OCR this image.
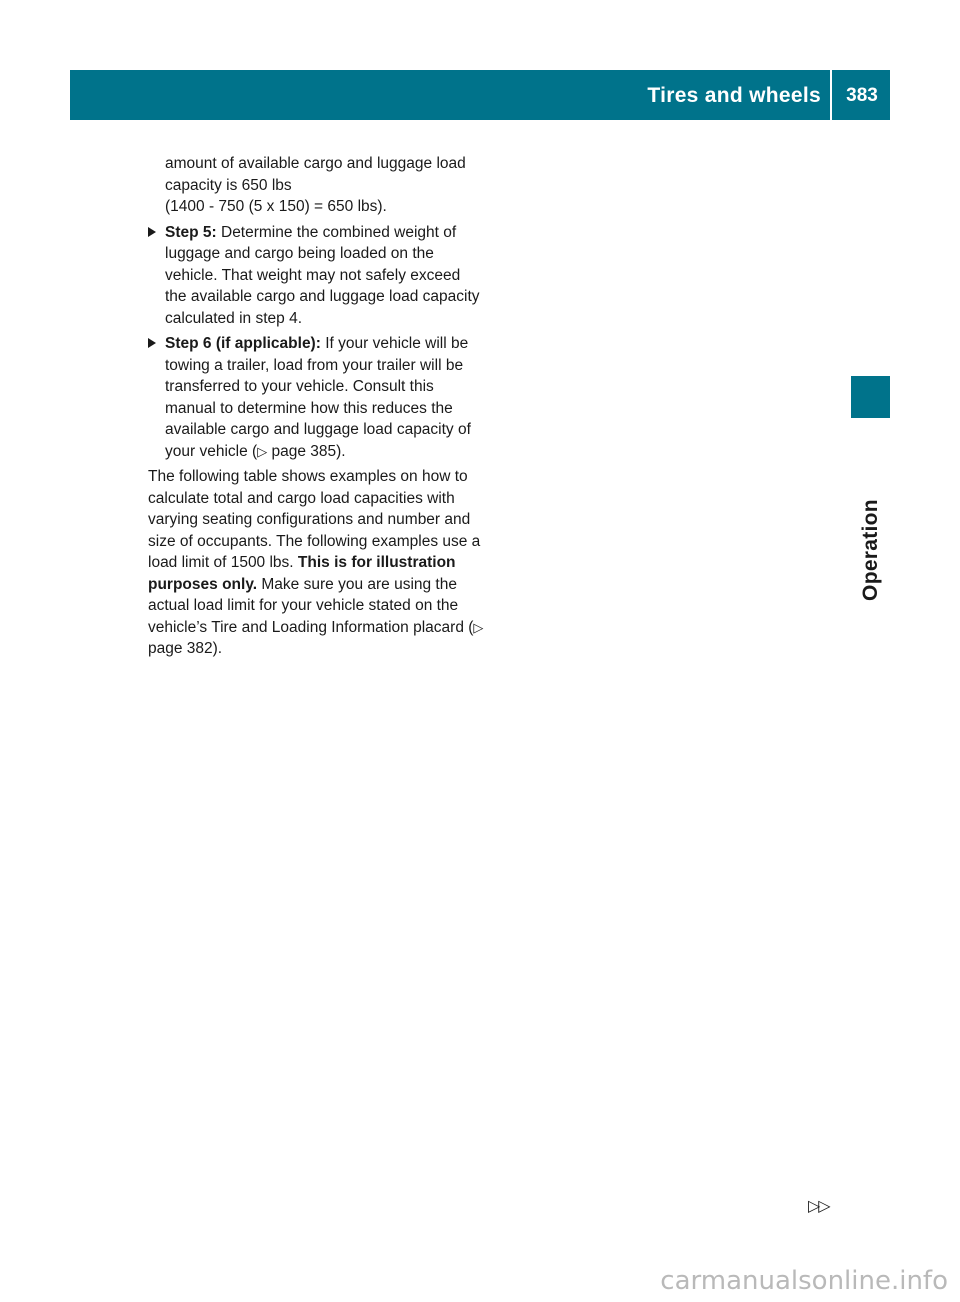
Tires and wheels	383
Operation
amount of available cargo and luggage load
capacity is 650 lbs
(1400 - 750 (5 x 150) = 650 lbs).
Step 5: Determine the combined weight of luggage and cargo being loaded on the vehicle. That weight may not safely exceed the available cargo and luggage load capacity calculated in step 4.
Step 6 (if applicable): If your vehicle will be towing a trailer, load from your trailer will be transferred to your vehicle. Consult this manual to determine how this reduces the available cargo and luggage load capacity of your vehicle (▷ page 385).
The following table shows examples on how to calculate total and cargo load capacities with varying seating configurations and number and size of occupants. The following examples use a load limit of 1500 lbs. This is for illustration purposes only. Make sure you are using the actual load limit for your vehicle stated on the vehicle’s Tire and Loading Information placard (▷ page 382).
▷▷
carmanualsonline.info
